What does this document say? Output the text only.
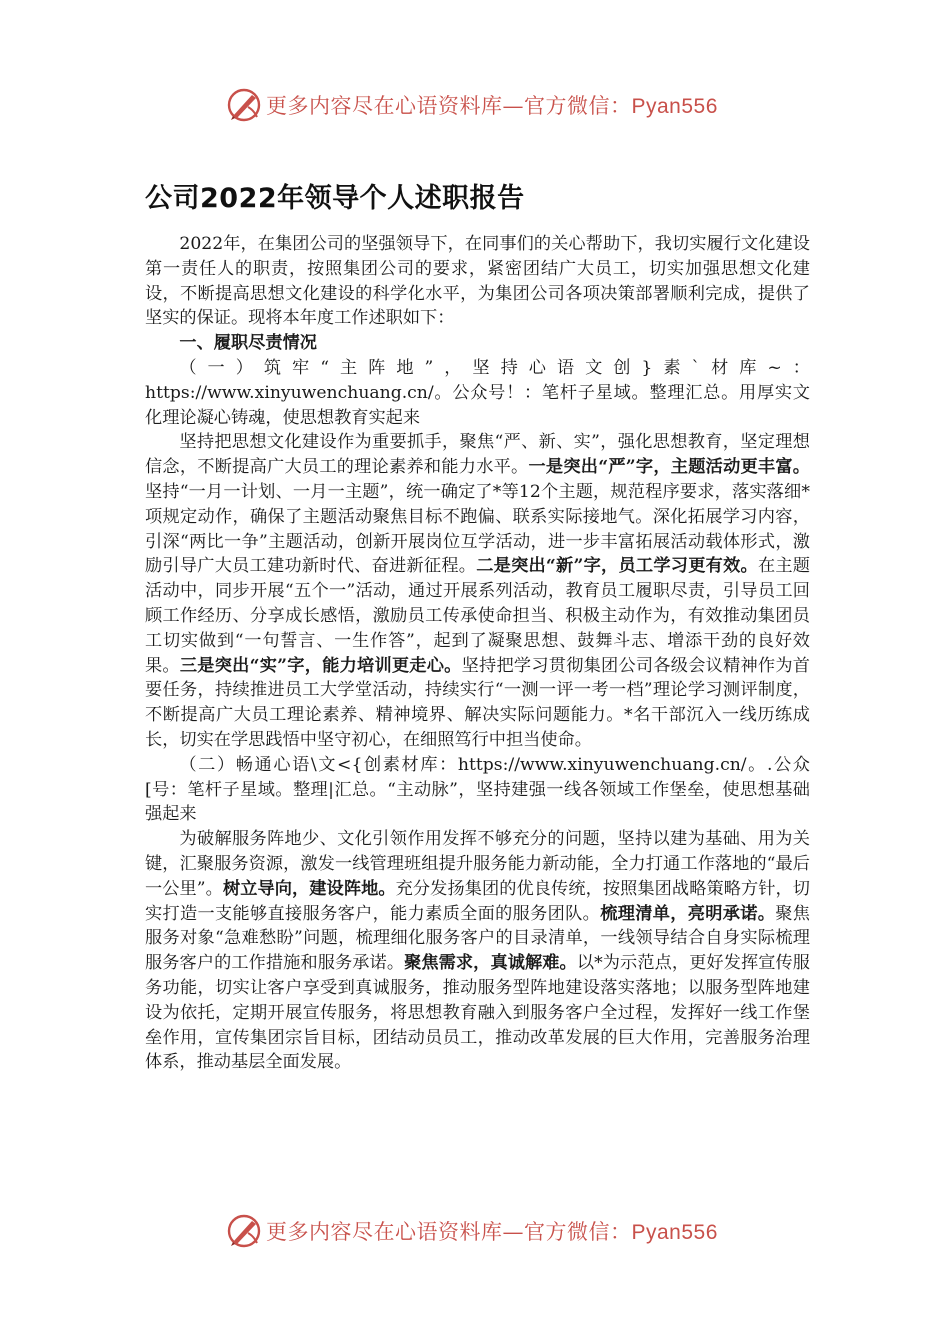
更多内容尽在心语资料库—官方微信：Pyan556
公司2022年领导个人述职报告

2022年，在集团公司的坚强领导下，在同事们的关心帮助下，我切实履行文化建设第一责任人的职责，按照集团公司的要求，紧密团结广大员工，切实加强思想文化建设，不断提高思想文化建设的科学化水平，为集团公司各项决策部署顺利完成，提供了坚实的保证。现将本年度工作述职如下：

一、履职尽责情况

（一）筑牢“主阵地”，坚持心语文创}素`材库~：https://www.xinyuwenchuang.cn/。公众号！：笔杆子星域。整理汇总。用厚实文化理论凝心铸魂，使思想教育实起来

坚持把思想文化建设作为重要抓手，聚焦“严、新、实”，强化思想教育，坚定理想信念，不断提高广大员工的理论素养和能力水平。一是突出“严”字，主题活动更丰富。坚持“一月一计划、一月一主题”，统一确定了*等12个主题，规范程序要求，落实落细*项规定动作，确保了主题活动聚焦目标不跑偏、联系实际接地气。深化拓展学习内容，引深“两比一争”主题活动，创新开展岗位互学活动，进一步丰富拓展活动载体形式，激励引导广大员工建功新时代、奋进新征程。二是突出“新”字，员工学习更有效。在主题活动中，同步开展“五个一”活动，通过开展系列活动，教育员工履职尽责，引导员工回顾工作经历、分享成长感悟，激励员工传承使命担当、积极主动作为，有效推动集团员工切实做到“一句誓言、一生作答”，起到了凝聚思想、鼓舞斗志、增添干劲的良好效果。三是突出“实”字，能力培训更走心。坚持把学习贯彻集团公司各级会议精神作为首要任务，持续推进员工大学堂活动，持续实行“一测一评一考一档”理论学习测评制度，不断提高广大员工理论素养、精神境界、解决实际问题能力。*名干部沉入一线历练成长，切实在学思践悟中坚守初心，在细照笃行中担当使命。

（二）畅通心语\文<{创素材库：https://www.xinyuwenchuang.cn/。.公众[号：笔杆子星域。整理|汇总。“主动脉”，坚持建强一线各领域工作堡垒，使思想基础强起来

为破解服务阵地少、文化引领作用发挥不够充分的问题，坚持以建为基础、用为关键，汇聚服务资源，激发一线管理班组提升服务能力新动能，全力打通工作落地的“最后一公里”。树立导向，建设阵地。充分发扬集团的优良传统，按照集团战略策略方针，切实打造一支能够直接服务客户，能力素质全面的服务团队。梳理清单，亮明承诺。聚焦服务对象“急难愁盼”问题，梳理细化服务客户的目录清单，一线领导结合自身实际梳理服务客户的工作措施和服务承诺。聚焦需求，真诚解难。以*为示范点，更好发挥宣传服务功能，切实让客户享受到真诚服务，推动服务型阵地建设落实落地；以服务型阵地建设为依托，定期开展宣传服务，将思想教育融入到服务客户全过程，发挥好一线工作堡垒作用，宣传集团宗旨目标，团结动员员工，推动改革发展的巨大作用，完善服务治理体系，推动基层全面发展。

更多内容尽在心语资料库—官方微信：Pyan556
